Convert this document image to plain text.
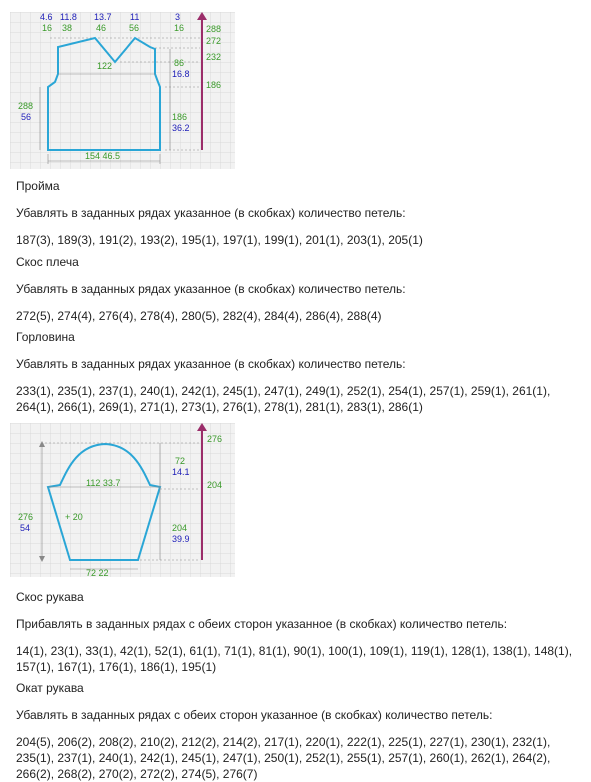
4.6
16
11.8
38
13.7
46
11
56
3
16 288
272
232
186
122	86
16.8
186
36.2
288
56
154 46.5

Пройма

Убавлять в заданных рядах указанное (в скобках) количество петель:

187(3), 189(3), 191(2), 193(2), 195(1), 197(1), 199(1), 201(1), 203(1), 205(1)

Скос плеча

Убавлять в заданных рядах указанное (в скобках) количество петель:

272(5), 274(4), 276(4), 278(4), 280(5), 282(4), 284(4), 286(4), 288(4)

Горловина

Убавлять в заданных рядах указанное (в скобках) количество петель:

233(1), 235(1), 237(1), 240(1), 242(1), 245(1), 247(1), 249(1), 252(1), 254(1), 257(1), 259(1), 261(1), 264(1), 266(1), 269(1), 271(1), 273(1), 276(1), 278(1), 281(1), 283(1), 286(1)

276
72
14.1
204
112 33.7
+ 20
276
54	204
39.9
72 22

Скос рукава

Прибавлять в заданных рядах с обеих сторон указанное (в скобках) количество петель:

14(1), 23(1), 33(1), 42(1), 52(1), 61(1), 71(1), 81(1), 90(1), 100(1), 109(1), 119(1), 128(1), 138(1), 148(1), 157(1), 167(1), 176(1), 186(1), 195(1)

Окат рукава

Убавлять в заданных рядах с обеих сторон указанное (в скобках) количество петель:

204(5), 206(2), 208(2), 210(2), 212(2), 214(2), 217(1), 220(1), 222(1), 225(1), 227(1), 230(1), 232(1), 235(1), 237(1), 240(1), 242(1), 245(1), 247(1), 250(1), 252(1), 255(1), 257(1), 260(1), 262(1), 264(2), 266(2), 268(2), 270(2), 272(2), 274(5), 276(7)
